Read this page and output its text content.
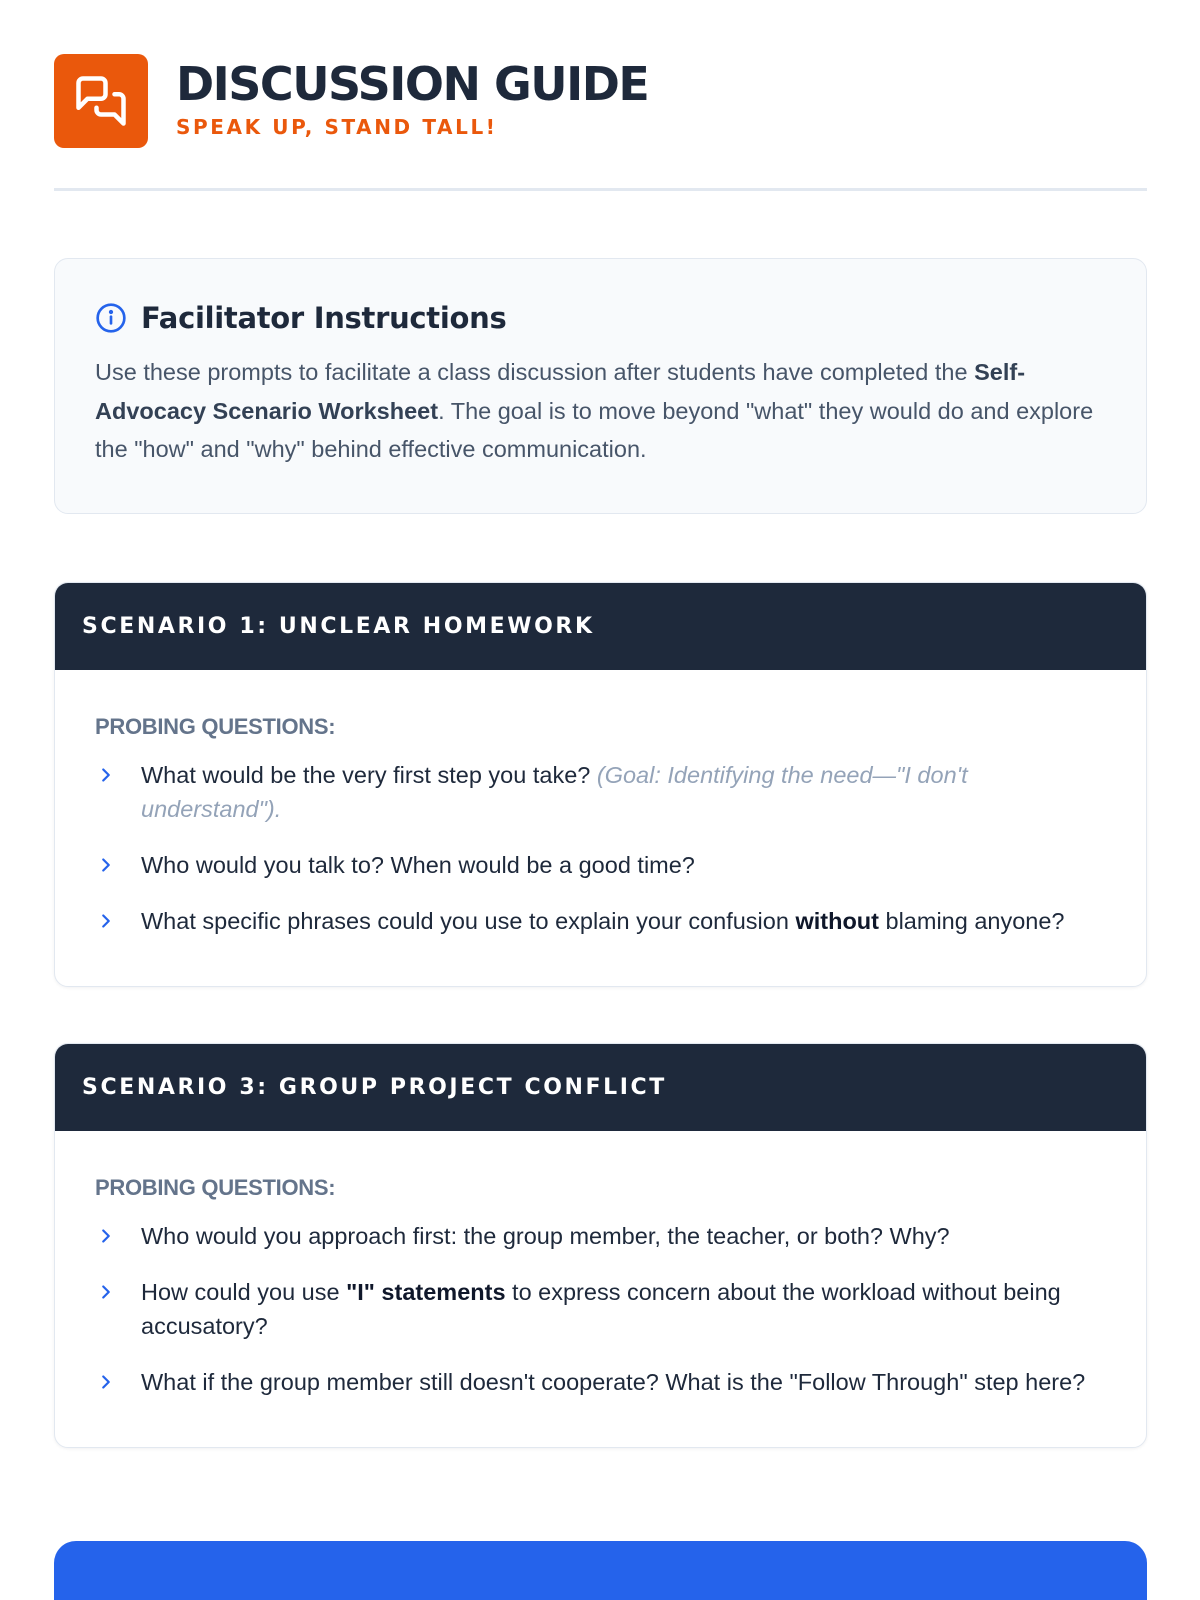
DISCUSSION GUIDE
SPEAK UP, STAND TALL!
Facilitator Instructions
Use these prompts to facilitate a class discussion after students have completed the Self-Advocacy Scenario Worksheet. The goal is to move beyond "what" they would do and explore the "how" and "why" behind effective communication.
SCENARIO 1: UNCLEAR HOMEWORK
PROBING QUESTIONS:
What would be the very first step you take? (Goal: Identifying the need—"I don't understand").
Who would you talk to? When would be a good time?
What specific phrases could you use to explain your confusion without blaming anyone?
SCENARIO 3: GROUP PROJECT CONFLICT
PROBING QUESTIONS:
Who would you approach first: the group member, the teacher, or both? Why?
How could you use "I" statements to express concern about the workload without being accusatory?
What if the group member still doesn't cooperate? What is the "Follow Through" step here?
